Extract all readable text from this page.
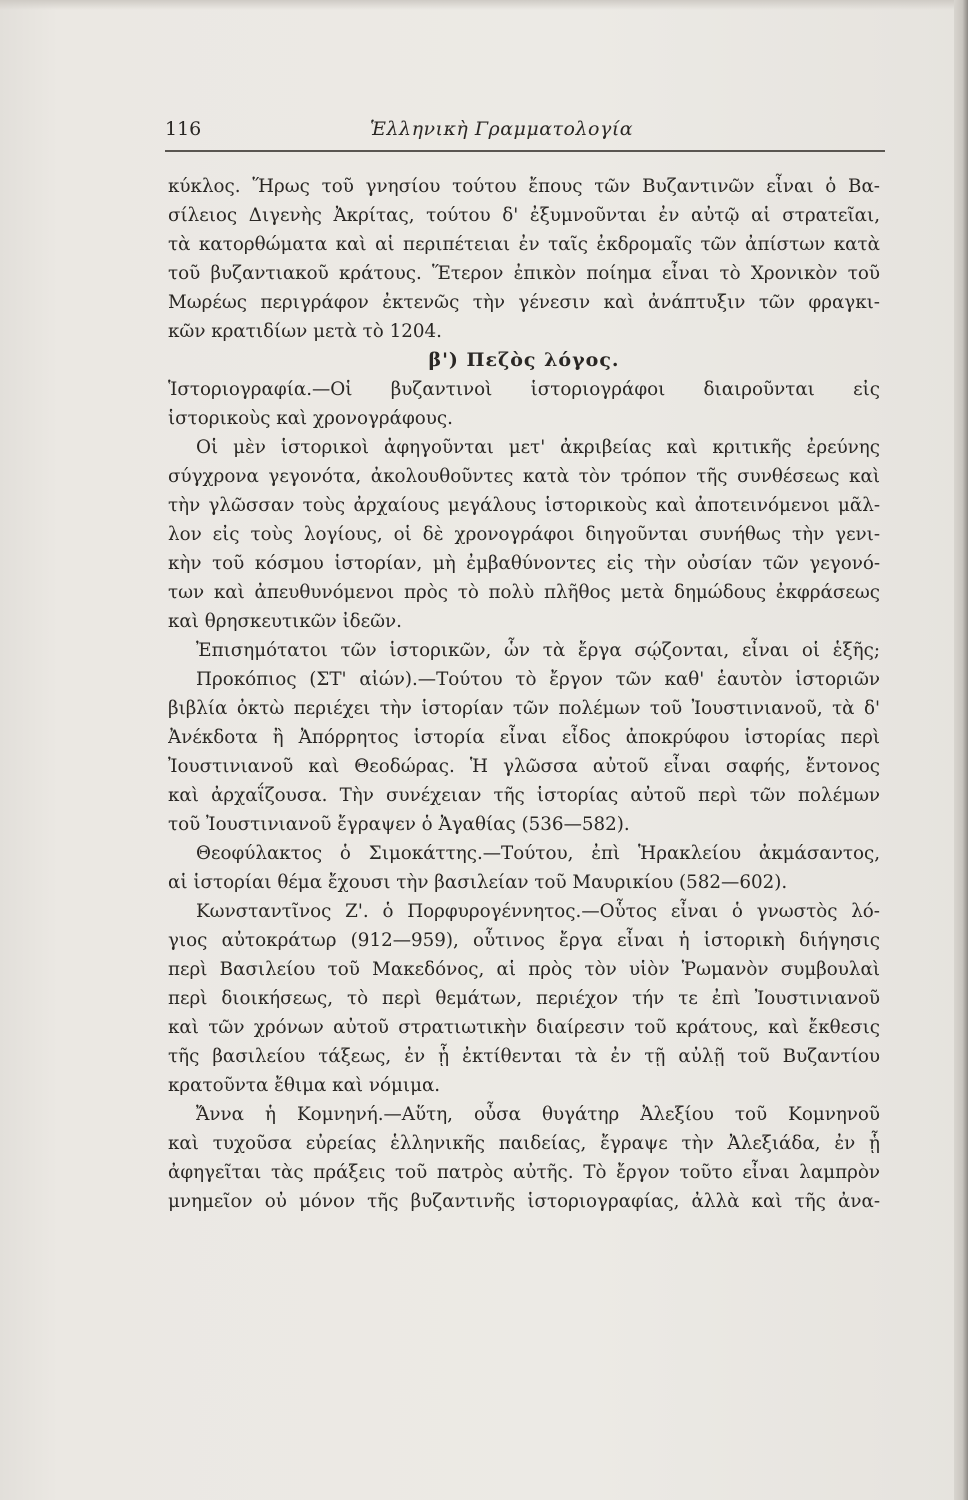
116	Ἑλληνικὴ Γραμματολογία
κύκλος. Ἥρως τοῦ γνησίου τούτου ἔπους τῶν Βυζαντινῶν εἶναι ὁ Βα-
σίλειος Διγενὴς Ἀκρίτας, τούτου δ' ἐξυμνοῦνται ἐν αὐτῷ αἱ στρατεῖαι,
τὰ κατορθώματα καὶ αἱ περιπέτειαι ἐν ταῖς ἐκδρομαῖς τῶν ἀπίστων κατὰ
τοῦ βυζαντιακοῦ κράτους. Ἕτερον ἐπικὸν ποίημα εἶναι τὸ Χρονικὸν τοῦ
Μωρέως περιγράφον ἐκτενῶς τὴν γένεσιν καὶ ἀνάπτυξιν τῶν φραγκι-
κῶν κρατιδίων μετὰ τὸ 1204.
β') Πεζὸς λόγος.
Ἱστοριογραφία.—Οἱ βυζαντινοὶ ἱστοριογράφοι διαιροῦνται εἰς
ἱστορικοὺς καὶ χρονογράφους.
Οἱ μὲν ἱστορικοὶ ἀφηγοῦνται μετ' ἀκριβείας καὶ κριτικῆς ἐρεύνης
σύγχρονα γεγονότα, ἀκολουθοῦντες κατὰ τὸν τρόπον τῆς συνθέσεως καὶ
τὴν γλῶσσαν τοὺς ἀρχαίους μεγάλους ἱστορικοὺς καὶ ἀποτεινόμενοι μᾶλ-
λον εἰς τοὺς λογίους, οἱ δὲ χρονογράφοι διηγοῦνται συνήθως τὴν γενι-
κὴν τοῦ κόσμου ἱστορίαν, μὴ ἐμβαθύνοντες εἰς τὴν οὐσίαν τῶν γεγονό-
των καὶ ἀπευθυνόμενοι πρὸς τὸ πολὺ πλῆθος μετὰ δημώδους ἐκφράσεως
καὶ θρησκευτικῶν ἰδεῶν.
Ἐπισημότατοι τῶν ἱστορικῶν, ὧν τὰ ἔργα σῴζονται, εἶναι οἱ ἑξῆς;
Προκόπιος (ΣΤ' αἰών).—Τούτου τὸ ἔργον τῶν καθ' ἑαυτὸν ἱστοριῶν
βιβλία ὀκτὼ περιέχει τὴν ἱστορίαν τῶν πολέμων τοῦ Ἰουστινιανοῦ, τὰ δ'
Ἀνέκδοτα ἢ Ἀπόρρητος ἱστορία εἶναι εἶδος ἀποκρύφου ἱστορίας περὶ
Ἰουστινιανοῦ καὶ Θεοδώρας. Ἡ γλῶσσα αὐτοῦ εἶναι σαφής, ἔντονος
καὶ ἀρχαΐζουσα. Τὴν συνέχειαν τῆς ἱστορίας αὐτοῦ περὶ τῶν πολέμων
τοῦ Ἰουστινιανοῦ ἔγραψεν ὁ Ἀγαθίας (536—582).
Θεοφύλακτος ὁ Σιμοκάττης.—Τούτου, ἐπὶ Ἡρακλείου ἀκμάσαντος,
αἱ ἱστορίαι θέμα ἔχουσι τὴν βασιλείαν τοῦ Μαυρικίου (582—602).
Κωνσταντῖνος Ζ'. ὁ Πορφυρογέννητος.—Οὗτος εἶναι ὁ γνωστὸς λό-
γιος αὐτοκράτωρ (912—959), οὗτινος ἔργα εἶναι ἡ ἱστορικὴ διήγησις
περὶ Βασιλείου τοῦ Μακεδόνος, αἱ πρὸς τὸν υἱὸν Ῥωμανὸν συμβουλαὶ
περὶ διοικήσεως, τὸ περὶ θεμάτων, περιέχον τήν τε ἐπὶ Ἰουστινιανοῦ
καὶ τῶν χρόνων αὐτοῦ στρατιωτικὴν διαίρεσιν τοῦ κράτους, καὶ ἔκθεσις
τῆς βασιλείου τάξεως, ἐν ᾗ ἐκτίθενται τὰ ἐν τῇ αὐλῇ τοῦ Βυζαντίου
κρατοῦντα ἔθιμα καὶ νόμιμα.
Ἄννα ἡ Κομνηνή.—Αὕτη, οὖσα θυγάτηρ Ἀλεξίου τοῦ Κομνηνοῦ
καὶ τυχοῦσα εὐρείας ἑλληνικῆς παιδείας, ἔγραψε τὴν Ἀλεξιάδα, ἐν ᾗ
ἀφηγεῖται τὰς πράξεις τοῦ πατρὸς αὐτῆς. Τὸ ἔργον τοῦτο εἶναι λαμπρὸν
μνημεῖον οὐ μόνον τῆς βυζαντινῆς ἱστοριογραφίας, ἀλλὰ καὶ τῆς ἀνα-
